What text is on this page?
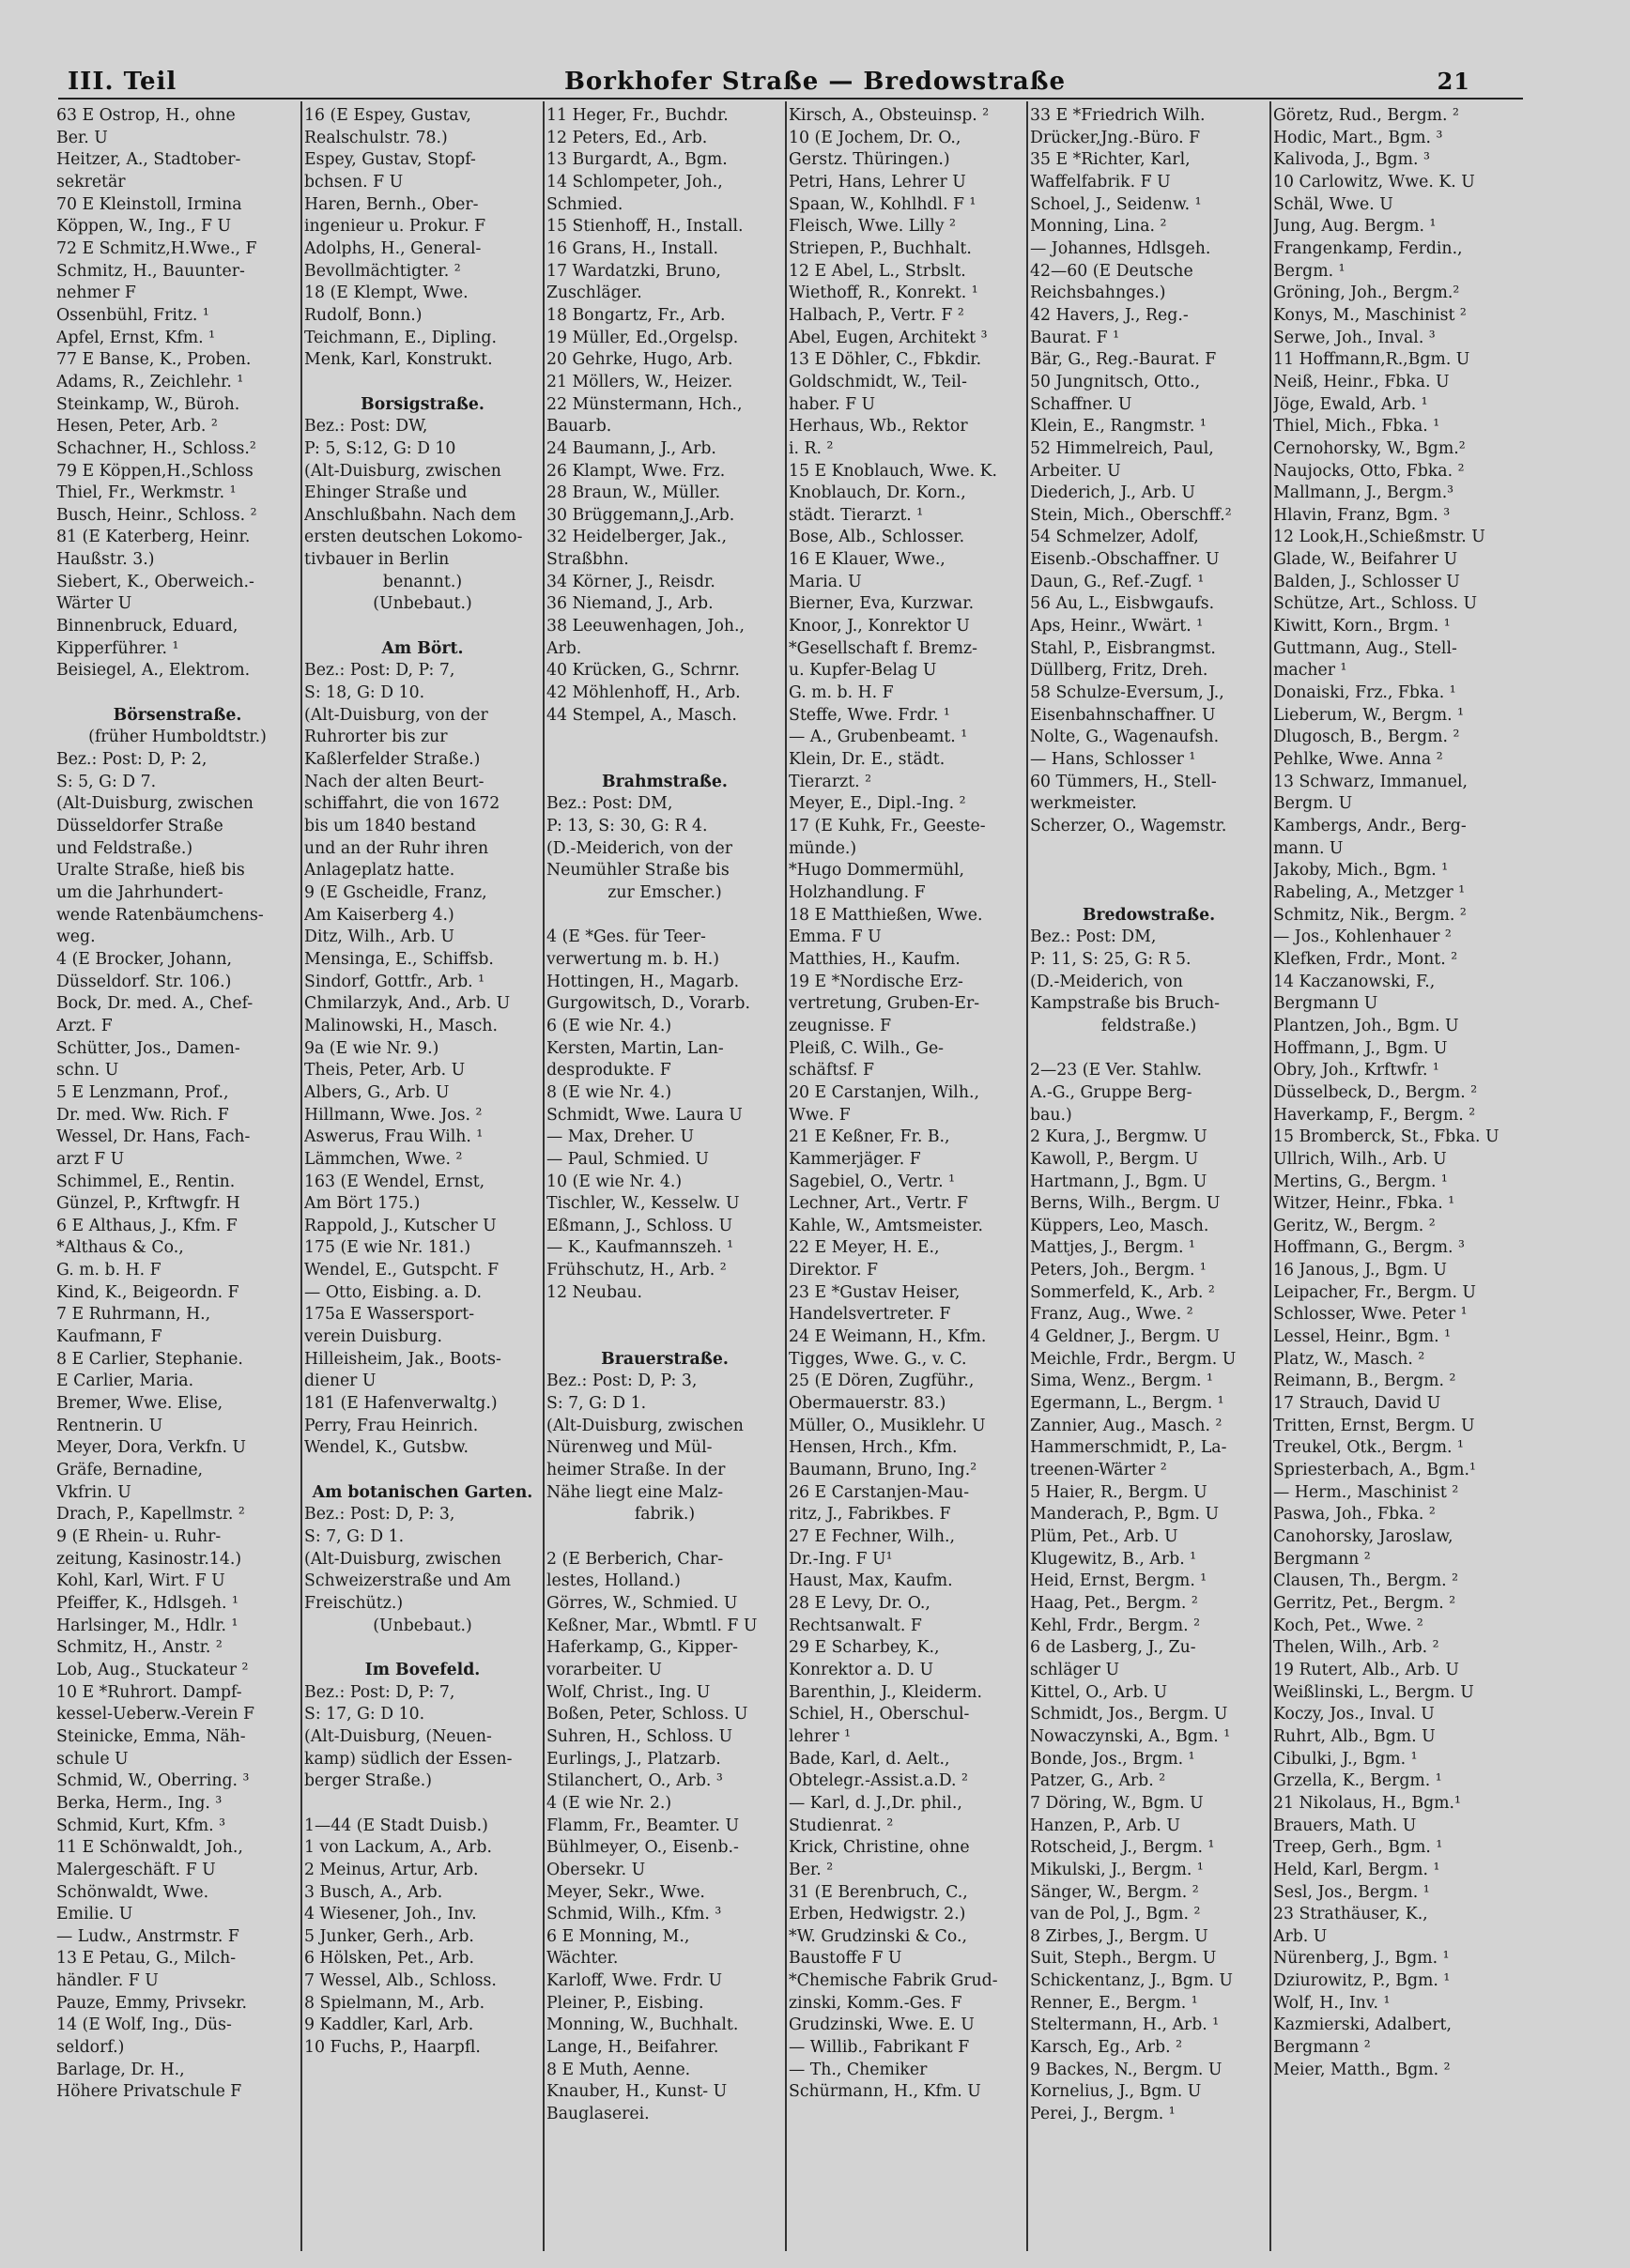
III. Teil	Borkhofer Straße — Bredowstraße	21
63 E Ostrop, H., ohne
Ber. U
Heitzer, A., Stadtober-
sekretär
70 E Kleinstoll, Irmina
Köppen, W., Ing., F U
72 E Schmitz,H.Wwe., F
Schmitz, H., Bauunter-
nehmer F
Ossenbühl, Fritz. ¹
Apfel, Ernst, Kfm. ¹
77 E Banse, K., Proben.
Adams, R., Zeichlehr. ¹
Steinkamp, W., Büroh.
Hesen, Peter, Arb. ²
Schachner, H., Schloss.²
79 E Köppen,H.,Schloss
Thiel, Fr., Werkmstr. ¹
Busch, Heinr., Schloss. ²
81 (E Katerberg, Heinr.
Haußstr. 3.)
Siebert, K., Oberweich.-
Wärter U
Binnenbruck, Eduard,
Kipperführer. ¹
Beisiegel, A., Elektrom.

Börsenstraße.
(früher Humboldtstr.)
Bez.: Post: D, P: 2,
S: 5, G: D 7.
(Alt-Duisburg, zwischen
Düsseldorfer Straße
und Feldstraße.)
Uralte Straße, hieß bis
um die Jahrhundert-
wende Ratenbäumchens-
weg.
4 (E Brocker, Johann,
Düsseldorf. Str. 106.)
Bock, Dr. med. A., Chef-
Arzt. F
Schütter, Jos., Damen-
schn. U
5 E Lenzmann, Prof.,
Dr. med. Ww. Rich. F
Wessel, Dr. Hans, Fach-
arzt F U
Schimmel, E., Rentin.
Günzel, P., Krftwgfr. H
6 E Althaus, J., Kfm. F
*Althaus & Co.,
G. m. b. H. F
Kind, K., Beigeordn. F
7 E Ruhrmann, H.,
Kaufmann, F
8 E Carlier, Stephanie.
E Carlier, Maria.
Bremer, Wwe. Elise,
Rentnerin. U
Meyer, Dora, Verkfn. U
Gräfe, Bernadine,
Vkfrin. U
Drach, P., Kapellmstr. ²
9 (E Rhein- u. Ruhr-
zeitung, Kasinostr.14.)
Kohl, Karl, Wirt. F U
Pfeiffer, K., Hdlsgeh. ¹
Harlsinger, M., Hdlr. ¹
Schmitz, H., Anstr. ²
Lob, Aug., Stuckateur ²
10 E *Ruhrort. Dampf-
kessel-Ueberw.-Verein F
Steinicke, Emma, Näh-
schule U
Schmid, W., Oberring. ³
Berka, Herm., Ing. ³
Schmid, Kurt, Kfm. ³
11 E Schönwaldt, Joh.,
Malergeschäft. F U
Schönwaldt, Wwe.
Emilie. U
— Ludw., Anstrmstr. F
13 E Petau, G., Milch-
händler. F U
Pauze, Emmy, Privsekr.
14 (E Wolf, Ing., Düs-
seldorf.)
Barlage, Dr. H.,
Höhere Privatschule F
16 (E Espey, Gustav,
Realschulstr. 78.)
Espey, Gustav, Stopf-
bchsen. F U
Haren, Bernh., Ober-
ingenieur u. Prokur. F
Adolphs, H., General-
Bevollmächtigter. ²
18 (E Klempt, Wwe.
Rudolf, Bonn.)
Teichmann, E., Dipling.
Menk, Karl, Konstrukt.

Borsigstraße.
Bez.: Post: DW,
P: 5, S:12, G: D 10
(Alt-Duisburg, zwischen
Ehinger Straße und
Anschlußbahn. Nach dem
ersten deutschen Lokomo-
tivbauer in Berlin
benannt.)
(Unbebaut.)

Am Bört.
Bez.: Post: D, P: 7,
S: 18, G: D 10.
(Alt-Duisburg, von der
Ruhrorter bis zur
Kaßlerfelder Straße.)
Nach der alten Beurt-
schiffahrt, die von 1672
bis um 1840 bestand
und an der Ruhr ihren
Anlageplatz hatte.
9 (E Gscheidle, Franz,
Am Kaiserberg 4.)
Ditz, Wilh., Arb. U
Mensinga, E., Schiffsb.
Sindorf, Gottfr., Arb. ¹
Chmilarzyk, And., Arb. U
Malinowski, H., Masch.
9a (E wie Nr. 9.)
Theis, Peter, Arb. U
Albers, G., Arb. U
Hillmann, Wwe. Jos. ²
Aswerus, Frau Wilh. ¹
Lämmchen, Wwe. ²
163 (E Wendel, Ernst,
Am Bört 175.)
Rappold, J., Kutscher U
175 (E wie Nr. 181.)
Wendel, E., Gutspcht. F
— Otto, Eisbing. a. D.
175a E Wassersport-
verein Duisburg.
Hilleisheim, Jak., Boots-
diener U
181 (E Hafenverwaltg.)
Perry, Frau Heinrich.
Wendel, K., Gutsbw.

Am botanischen Garten.
Bez.: Post: D, P: 3,
S: 7, G: D 1.
(Alt-Duisburg, zwischen
Schweizerstraße und Am
Freischütz.)
(Unbebaut.)

Im Bovefeld.
Bez.: Post: D, P: 7,
S: 17, G: D 10.
(Alt-Duisburg, (Neuen-
kamp) südlich der Essen-
berger Straße.)

1—44 (E Stadt Duisb.)
1 von Lackum, A., Arb.
2 Meinus, Artur, Arb.
3 Busch, A., Arb.
4 Wiesener, Joh., Inv.
5 Junker, Gerh., Arb.
6 Hölsken, Pet., Arb.
7 Wessel, Alb., Schloss.
8 Spielmann, M., Arb.
9 Kaddler, Karl, Arb.
10 Fuchs, P., Haarpfl.
11 Heger, Fr., Buchdr.
12 Peters, Ed., Arb.
13 Burgardt, A., Bgm.
14 Schlompeter, Joh.,
Schmied.
15 Stienhoff, H., Install.
16 Grans, H., Install.
17 Wardatzki, Bruno,
Zuschläger.
18 Bongartz, Fr., Arb.
19 Müller, Ed.,Orgelsp.
20 Gehrke, Hugo, Arb.
21 Möllers, W., Heizer.
22 Münstermann, Hch.,
Bauarb.
24 Baumann, J., Arb.
26 Klampt, Wwe. Frz.
28 Braun, W., Müller.
30 Brüggemann,J.,Arb.
32 Heidelberger, Jak.,
Straßbhn.
34 Körner, J., Reisdr.
36 Niemand, J., Arb.
38 Leeuwenhagen, Joh.,
Arb.
40 Krücken, G., Schrnr.
42 Möhlenhoff, H., Arb.
44 Stempel, A., Masch.

Brahmstraße.
Bez.: Post: DM,
P: 13, S: 30, G: R 4.
(D.-Meiderich, von der
Neumühler Straße bis
zur Emscher.)

4 (E *Ges. für Teer-
verwertung m. b. H.)
Hottingen, H., Magarb.
Gurgowitsch, D., Vorarb.
6 (E wie Nr. 4.)
Kersten, Martin, Lan-
desprodukte. F
8 (E wie Nr. 4.)
Schmidt, Wwe. Laura U
— Max, Dreher. U
— Paul, Schmied. U
10 (E wie Nr. 4.)
Tischler, W., Kesselw. U
Eßmann, J., Schloss. U
— K., Kaufmannszeh. ¹
Frühschutz, H., Arb. ²
12 Neubau.

Brauerstraße.
Bez.: Post: D, P: 3,
S: 7, G: D 1.
(Alt-Duisburg, zwischen
Nürenweg und Mül-
heimer Straße. In der
Nähe liegt eine Malz-
fabrik.)

2 (E Berberich, Char-
lestes, Holland.)
Görres, W., Schmied. U
Keßner, Mar., Wbmtl. F U
Haferkamp, G., Kipper-
vorarbeiter. U
Wolf, Christ., Ing. U
Boßen, Peter, Schloss. U
Suhren, H., Schloss. U
Eurlings, J., Platzarb.
Stilanchert, O., Arb. ³
4 (E wie Nr. 2.)
Flamm, Fr., Beamter. U
Bühlmeyer, O., Eisenb.-
Obersekr. U
Meyer, Sekr., Wwe.
Schmid, Wilh., Kfm. ³
6 E Monning, M.,
Wächter.
Karloff, Wwe. Frdr. U
Pleiner, P., Eisbing.
Monning, W., Buchhalt.
Lange, H., Beifahrer.
8 E Muth, Aenne.
Knauber, H., Kunst- U
Bauglaserei.
Kirsch, A., Obsteuinsp. ²
10 (E Jochem, Dr. O.,
Gerstz. Thüringen.)
Petri, Hans, Lehrer U
Spaan, W., Kohlhdl. F ¹
Fleisch, Wwe. Lilly ²
Striepen, P., Buchhalt.
12 E Abel, L., Strbslt.
Wiethoff, R., Konrekt. ¹
Halbach, P., Vertr. F ²
Abel, Eugen, Architekt ³
13 E Döhler, C., Fbkdir.
Goldschmidt, W., Teil-
haber. F U
Herhaus, Wb., Rektor
i. R. ²
15 E Knoblauch, Wwe. K.
Knoblauch, Dr. Korn.,
städt. Tierarzt. ¹
Bose, Alb., Schlosser.
16 E Klauer, Wwe.,
Maria. U
Bierner, Eva, Kurzwar.
Knoor, J., Konrektor U
*Gesellschaft f. Bremz-
u. Kupfer-Belag U
G. m. b. H. F
Steffe, Wwe. Frdr. ¹
— A., Grubenbeamt. ¹
Klein, Dr. E., städt.
Tierarzt. ²
Meyer, E., Dipl.-Ing. ²
17 (E Kuhk, Fr., Geeste-
münde.)
*Hugo Dommermühl,
Holzhandlung. F
18 E Matthießen, Wwe.
Emma. F U
Matthies, H., Kaufm.
19 E *Nordische Erz-
vertretung, Gruben-Er-
zeugnisse. F
Pleiß, C. Wilh., Ge-
schäftsf. F
20 E Carstanjen, Wilh.,
Wwe. F
21 E Keßner, Fr. B.,
Kammerjäger. F
Sagebiel, O., Vertr. ¹
Lechner, Art., Vertr. F
Kahle, W., Amtsmeister.
22 E Meyer, H. E.,
Direktor. F
23 E *Gustav Heiser,
Handelsvertreter. F
24 E Weimann, H., Kfm.
Tigges, Wwe. G., v. C.
25 (E Dören, Zugführ.,
Obermauerstr. 83.)
Müller, O., Musiklehr. U
Hensen, Hrch., Kfm.
Baumann, Bruno, Ing.²
26 E Carstanjen-Mau-
ritz, J., Fabrikbes. F
27 E Fechner, Wilh.,
Dr.-Ing. F U¹
Haust, Max, Kaufm.
28 E Levy, Dr. O.,
Rechtsanwalt. F
29 E Scharbey, K.,
Konrektor a. D. U
Barenthin, J., Kleiderm.
Schiel, H., Oberschul-
lehrer ¹
Bade, Karl, d. Aelt.,
Obtelegr.-Assist.a.D. ²
— Karl, d. J.,Dr. phil.,
Studienrat. ²
Krick, Christine, ohne
Ber. ²
31 (E Berenbruch, C.,
Erben, Hedwigstr. 2.)
*W. Grudzinski & Co.,
Baustoffe F U
*Chemische Fabrik Grud-
zinski, Komm.-Ges. F
Grudzinski, Wwe. E. U
— Willib., Fabrikant F
— Th., Chemiker
Schürmann, H., Kfm. U
33 E *Friedrich Wilh.
Drücker,Jng.-Büro. F
35 E *Richter, Karl,
Waffelfabrik. F U
Schoel, J., Seidenw. ¹
Monning, Lina. ²
— Johannes, Hdlsgeh.
42—60 (E Deutsche
Reichsbahnges.)
42 Havers, J., Reg.-
Baurat. F ¹
Bär, G., Reg.-Baurat. F
50 Jungnitsch, Otto.,
Schaffner. U
Klein, E., Rangmstr. ¹
52 Himmelreich, Paul,
Arbeiter. U
Diederich, J., Arb. U
Stein, Mich., Oberschff.²
54 Schmelzer, Adolf,
Eisenb.-Obschaffner. U
Daun, G., Ref.-Zugf. ¹
56 Au, L., Eisbwgaufs.
Aps, Heinr., Wwärt. ¹
Stahl, P., Eisbrangmst.
Düllberg, Fritz, Dreh.
58 Schulze-Eversum, J.,
Eisenbahnschaffner. U
Nolte, G., Wagenaufsh.
— Hans, Schlosser ¹
60 Tümmers, H., Stell-
werkmeister.
Scherzer, O., Wagemstr.

Bredowstraße.
Bez.: Post: DM,
P: 11, S: 25, G: R 5.
(D.-Meiderich, von
Kampstraße bis Bruch-
feldstraße.)

2—23 (E Ver. Stahlw.
A.-G., Gruppe Berg-
bau.)
2 Kura, J., Bergmw. U
Kawoll, P., Bergm. U
Hartmann, J., Bgm. U
Berns, Wilh., Bergm. U
Küppers, Leo, Masch.
Mattjes, J., Bergm. ¹
Peters, Joh., Bergm. ¹
Sommerfeld, K., Arb. ²
Franz, Aug., Wwe. ²
4 Geldner, J., Bergm. U
Meichle, Frdr., Bergm. U
Sima, Wenz., Bergm. ¹
Egermann, L., Bergm. ¹
Zannier, Aug., Masch. ²
Hammerschmidt, P., La-
treenen-Wärter ²
5 Haier, R., Bergm. U
Manderach, P., Bgm. U
Plüm, Pet., Arb. U
Klugewitz, B., Arb. ¹
Heid, Ernst, Bergm. ¹
Haag, Pet., Bergm. ²
Kehl, Frdr., Bergm. ²
6 de Lasberg, J., Zu-
schläger U
Kittel, O., Arb. U
Schmidt, Jos., Bergm. U
Nowaczynski, A., Bgm. ¹
Bonde, Jos., Brgm. ¹
Patzer, G., Arb. ²
7 Döring, W., Bgm. U
Hanzen, P., Arb. U
Rotscheid, J., Bergm. ¹
Mikulski, J., Bergm. ¹
Sänger, W., Bergm. ²
van de Pol, J., Bgm. ²
8 Zirbes, J., Bergm. U
Suit, Steph., Bergm. U
Schickentanz, J., Bgm. U
Renner, E., Bergm. ¹
Steltermann, H., Arb. ¹
Karsch, Eg., Arb. ²
9 Backes, N., Bergm. U
Kornelius, J., Bgm. U
Perei, J., Bergm. ¹
Göretz, Rud., Bergm. ²
Hodic, Mart., Bgm. ³
Kalivoda, J., Bgm. ³
10 Carlowitz, Wwe. K. U
Schäl, Wwe. U
Jung, Aug. Bergm. ¹
Frangenkamp, Ferdin.,
Bergm. ¹
Gröning, Joh., Bergm.²
Konys, M., Maschinist ²
Serwe, Joh., Inval. ³
11 Hoffmann,R.,Bgm. U
Neiß, Heinr., Fbka. U
Jöge, Ewald, Arb. ¹
Thiel, Mich., Fbka. ¹
Cernohorsky, W., Bgm.²
Naujocks, Otto, Fbka. ²
Mallmann, J., Bergm.³
Hlavin, Franz, Bgm. ³
12 Look,H.,Schießmstr. U
Glade, W., Beifahrer U
Balden, J., Schlosser U
Schütze, Art., Schloss. U
Kiwitt, Korn., Brgm. ¹
Guttmann, Aug., Stell-
macher ¹
Donaiski, Frz., Fbka. ¹
Lieberum, W., Bergm. ¹
Dlugosch, B., Bergm. ²
Pehlke, Wwe. Anna ²
13 Schwarz, Immanuel,
Bergm. U
Kambergs, Andr., Berg-
mann. U
Jakoby, Mich., Bgm. ¹
Rabeling, A., Metzger ¹
Schmitz, Nik., Bergm. ²
— Jos., Kohlenhauer ²
Klefken, Frdr., Mont. ²
14 Kaczanowski, F.,
Bergmann U
Plantzen, Joh., Bgm. U
Hoffmann, J., Bgm. U
Obry, Joh., Krftwfr. ¹
Düsselbeck, D., Bergm. ²
Haverkamp, F., Bergm. ²
15 Bromberck, St., Fbka. U
Ullrich, Wilh., Arb. U
Mertins, G., Bergm. ¹
Witzer, Heinr., Fbka. ¹
Geritz, W., Bergm. ²
Hoffmann, G., Bergm. ³
16 Janous, J., Bgm. U
Leipacher, Fr., Bergm. U
Schlosser, Wwe. Peter ¹
Lessel, Heinr., Bgm. ¹
Platz, W., Masch. ²
Reimann, B., Bergm. ²
17 Strauch, David U
Tritten, Ernst, Bergm. U
Treukel, Otk., Bergm. ¹
Spriesterbach, A., Bgm.¹
— Herm., Maschinist ²
Paswa, Joh., Fbka. ²
Canohorsky, Jaroslaw,
Bergmann ²
Clausen, Th., Bergm. ²
Gerritz, Pet., Bergm. ²
Koch, Pet., Wwe. ²
Thelen, Wilh., Arb. ²
19 Rutert, Alb., Arb. U
Weißlinski, L., Bergm. U
Koczy, Jos., Inval. U
Ruhrt, Alb., Bgm. U
Cibulki, J., Bgm. ¹
Grzella, K., Bergm. ¹
21 Nikolaus, H., Bgm.¹
Brauers, Math. U
Treep, Gerh., Bgm. ¹
Held, Karl, Bergm. ¹
Sesl, Jos., Bergm. ¹
23 Strathäuser, K.,
Arb. U
Nürenberg, J., Bgm. ¹
Dziurowitz, P., Bgm. ¹
Wolf, H., Inv. ¹
Kazmierski, Adalbert,
Bergmann ²
Meier, Matth., Bgm. ²
